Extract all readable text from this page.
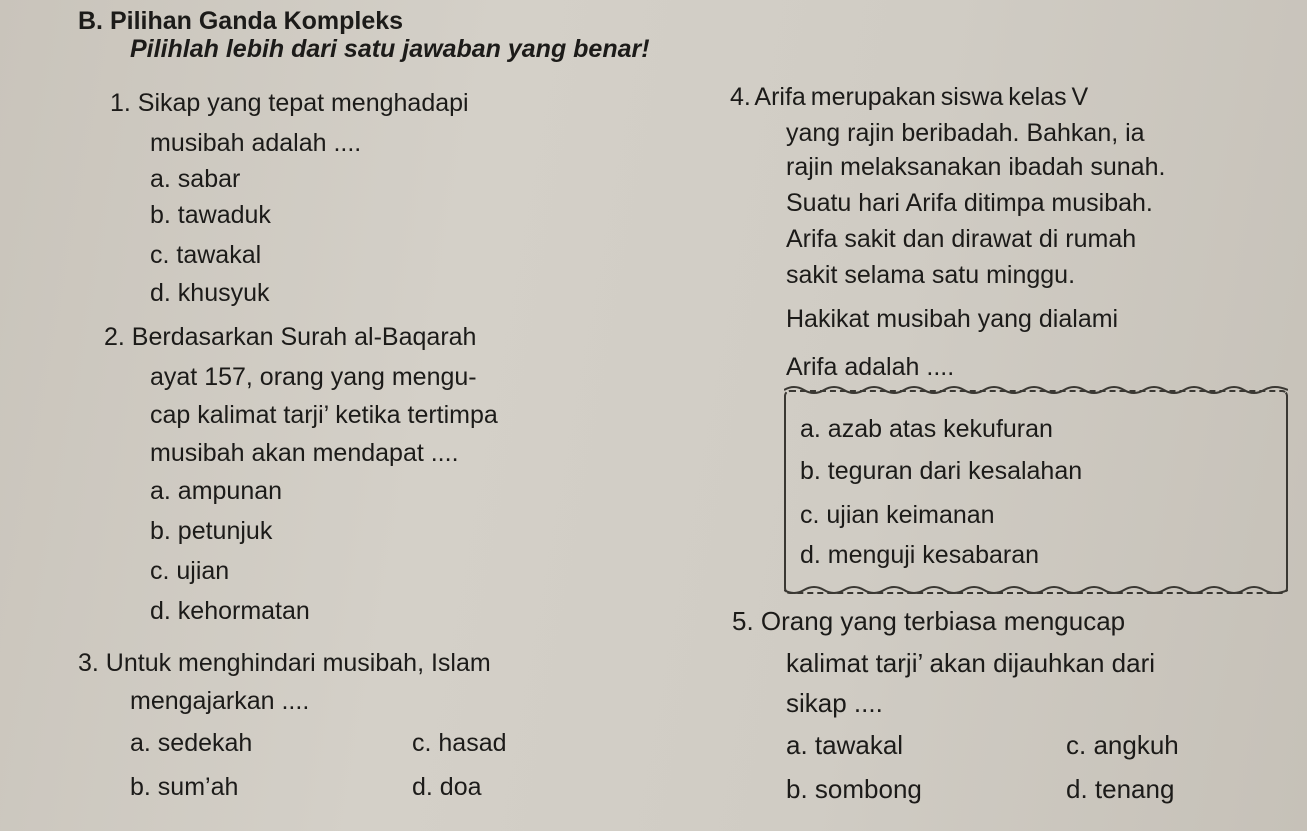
B. Pilihan Ganda Kompleks
Pilihlah lebih dari satu jawaban yang benar!
1. Sikap yang tepat menghadapi
musibah adalah ....
a. sabar
b. tawaduk
c. tawakal
d. khusyuk
2. Berdasarkan Surah al-Baqarah
ayat 157, orang yang mengu-
cap kalimat tarji’ ketika tertimpa
musibah akan mendapat ....
a. ampunan
b. petunjuk
c. ujian
d. kehormatan
3. Untuk menghindari musibah, Islam
mengajarkan ....
a. sedekah	c. hasad
b. sum’ah	d. doa
4. Arifa merupakan siswa kelas V
yang rajin beribadah. Bahkan, ia
rajin melaksanakan ibadah sunah.
Suatu hari Arifa ditimpa musibah.
Arifa sakit dan dirawat di rumah
sakit selama satu minggu.
Hakikat musibah yang dialami
Arifa adalah ....
a. azab atas kekufuran
b. teguran dari kesalahan
c. ujian keimanan
d. menguji kesabaran
5. Orang yang terbiasa mengucap
kalimat tarji’ akan dijauhkan dari
sikap ....
a. tawakal	c. angkuh
b. sombong	d. tenang
